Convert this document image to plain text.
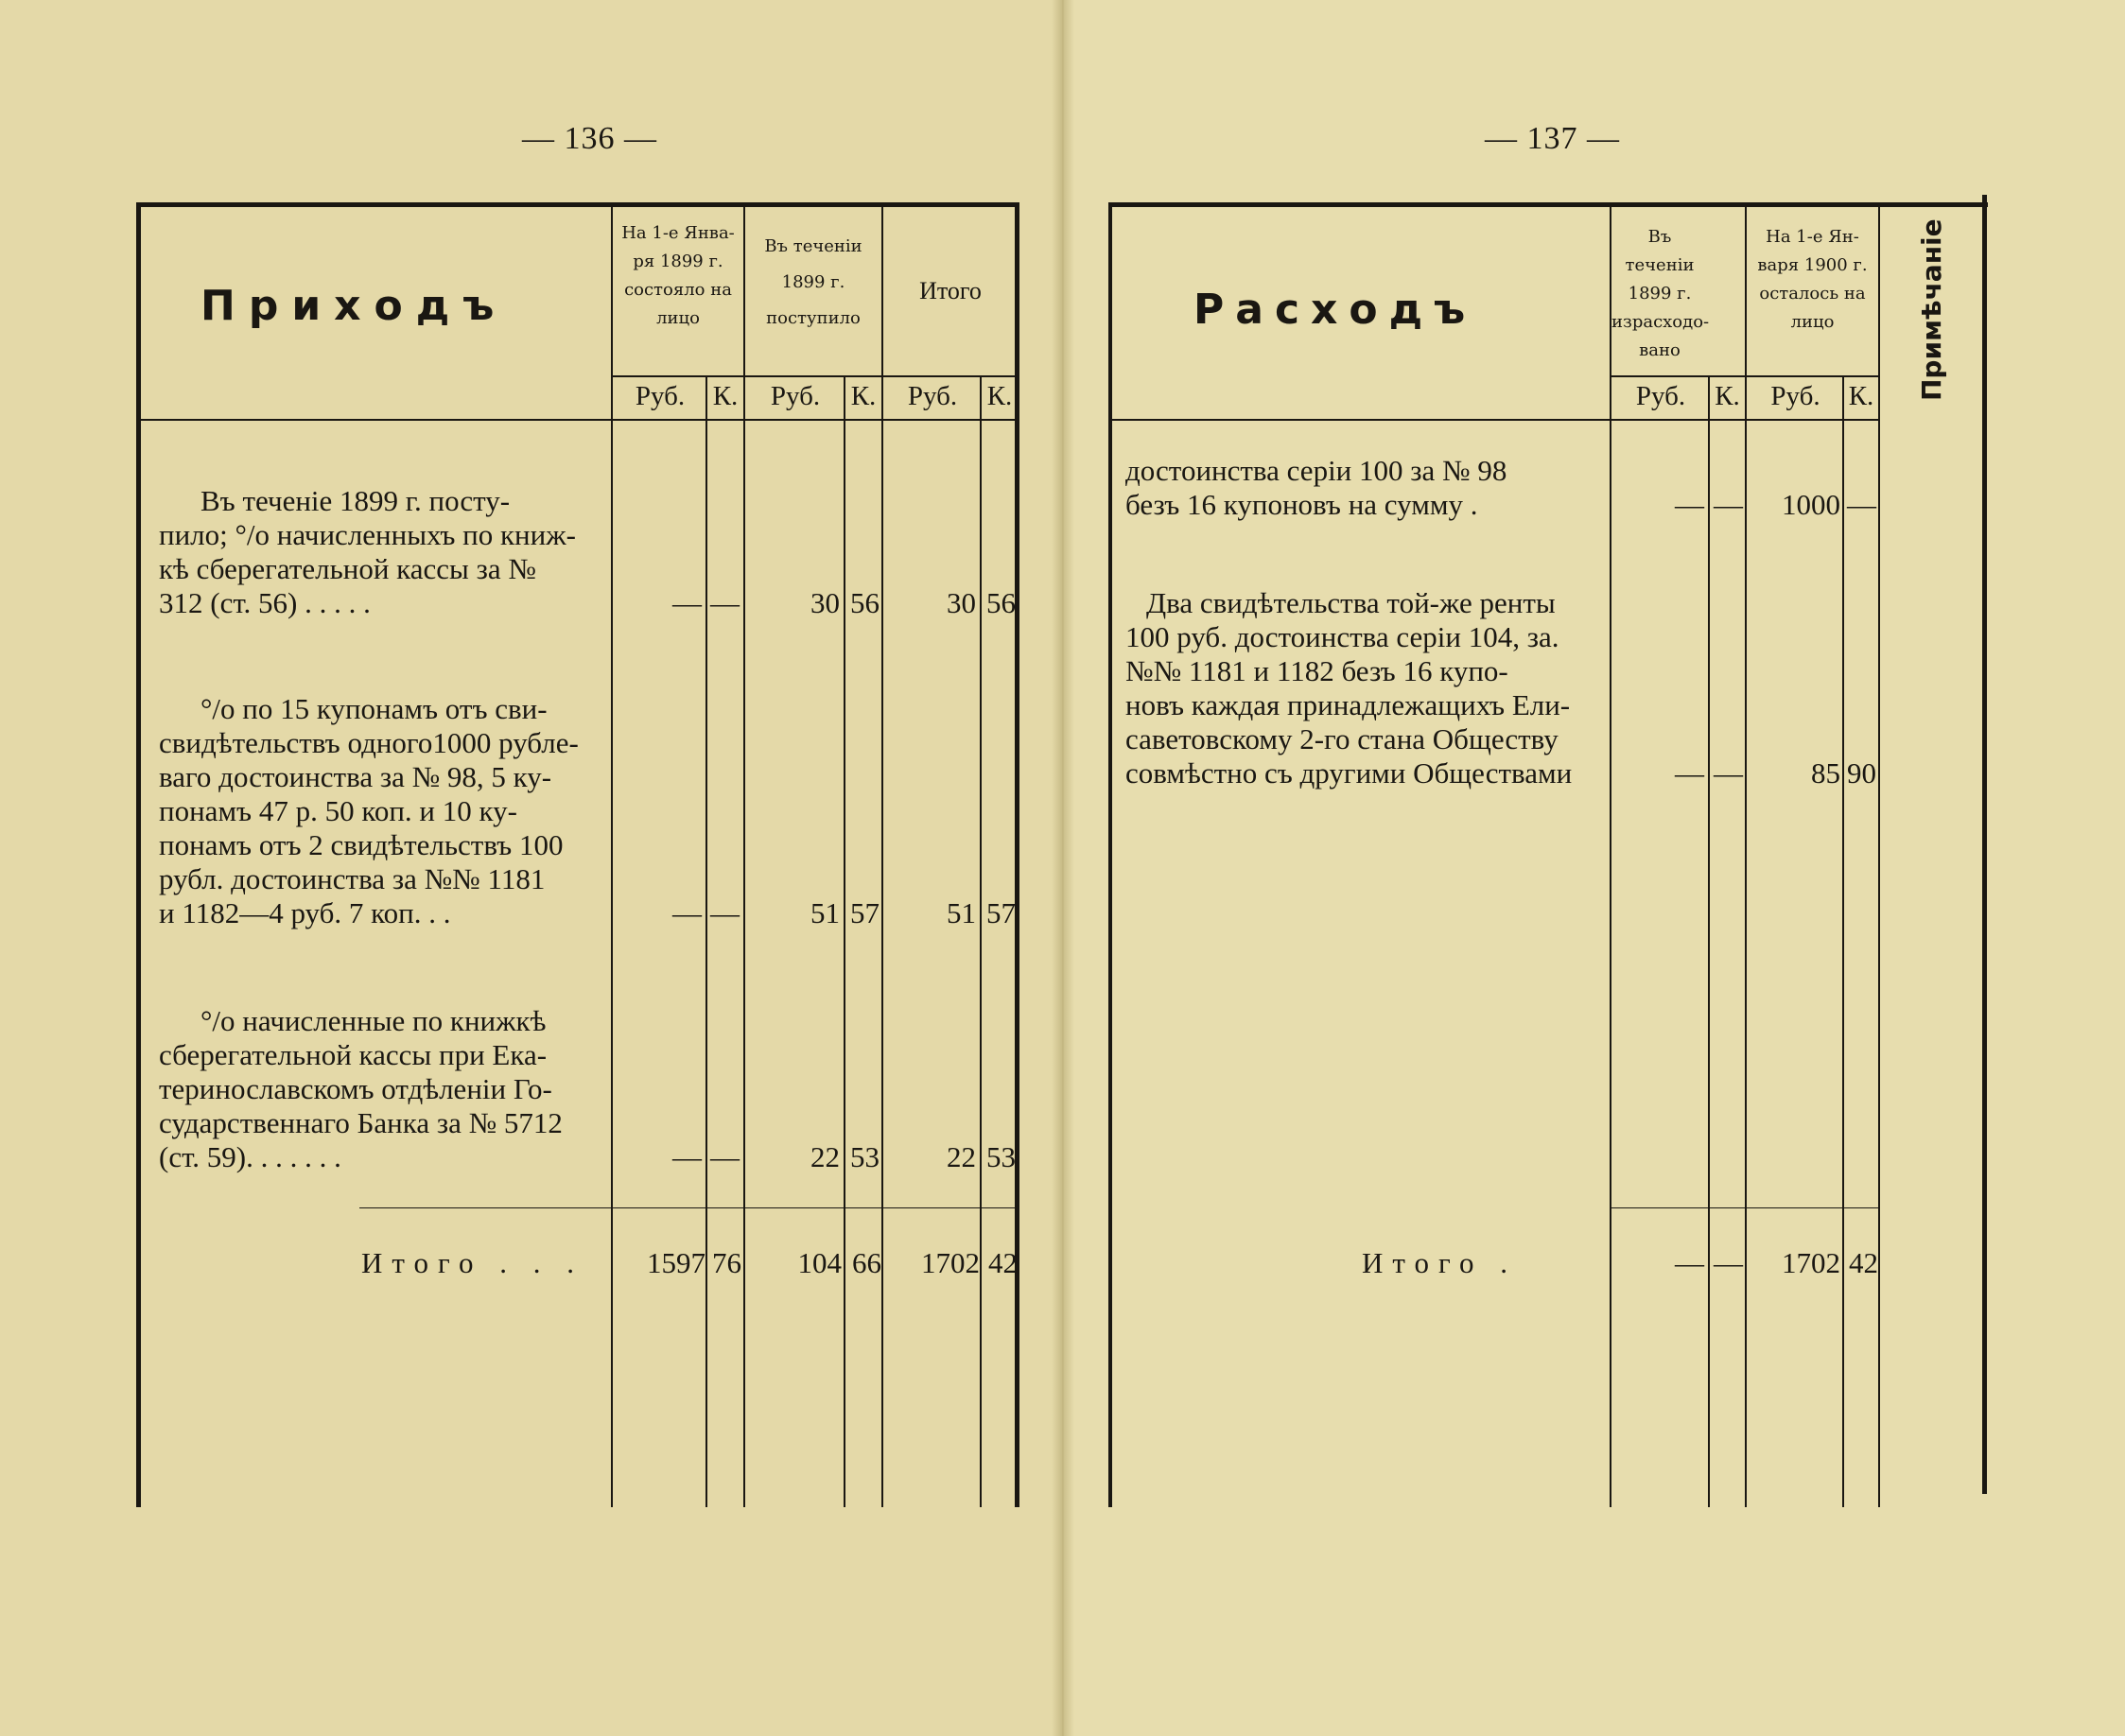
— 136 —
Приходъ
На 1-е Янва-
ря 1899 г.
состояло на
лицо
Въ теченіи
1899 г.
поступило
Итого
Руб.	К.	Руб.	К.	Руб.	К.
Въ теченіе 1899 г. посту-
пило; °/о начисленныхъ по книж-
кѣ сберегательной кассы за №
312 (ст. 56) . . . . .	— —	30 56	30 56
°/о по 15 купонамъ отъ сви-
свидѣтельствъ одного1000 рубле-
ваго достоинства за № 98, 5 ку-
понамъ 47 р. 50 коп. и 10 ку-
понамъ отъ 2 свидѣтельствъ 100
рубл. достоинства за №№ 1181
и 1182—4 руб. 7 коп. . .	— —	51 57	51 57
°/о начисленные по книжкѣ
сберегательной кассы при Ека-
теринославскомъ отдѣленіи Го-
сударственнаго Банка за № 5712
(ст. 59). . . . . . .	— —	22 53	22 53
Итого . . .	1597 76	104 66	1702 42
— 137 —
Расходъ
Въ теченіи
1899 г.
израсходо-
вано
На 1-е Ян-
варя 1900 г.
осталось на
лицо	Примѣчаніе
Руб.	К.	Руб.	К.
достоинства серіи 100 за № 98
безъ 16 купоновъ на сумму .	— —	1000 —
Два свидѣтельства той-же ренты
100 руб. достоинства серіи 104, за.
№№ 1181 и 1182 безъ 16 купо-
новъ каждая принадлежащихъ Ели-
саветовскому 2-го стана Обществу
совмѣстно съ другими Обществами	— —	85 90
Итого .	— —	1702 42
